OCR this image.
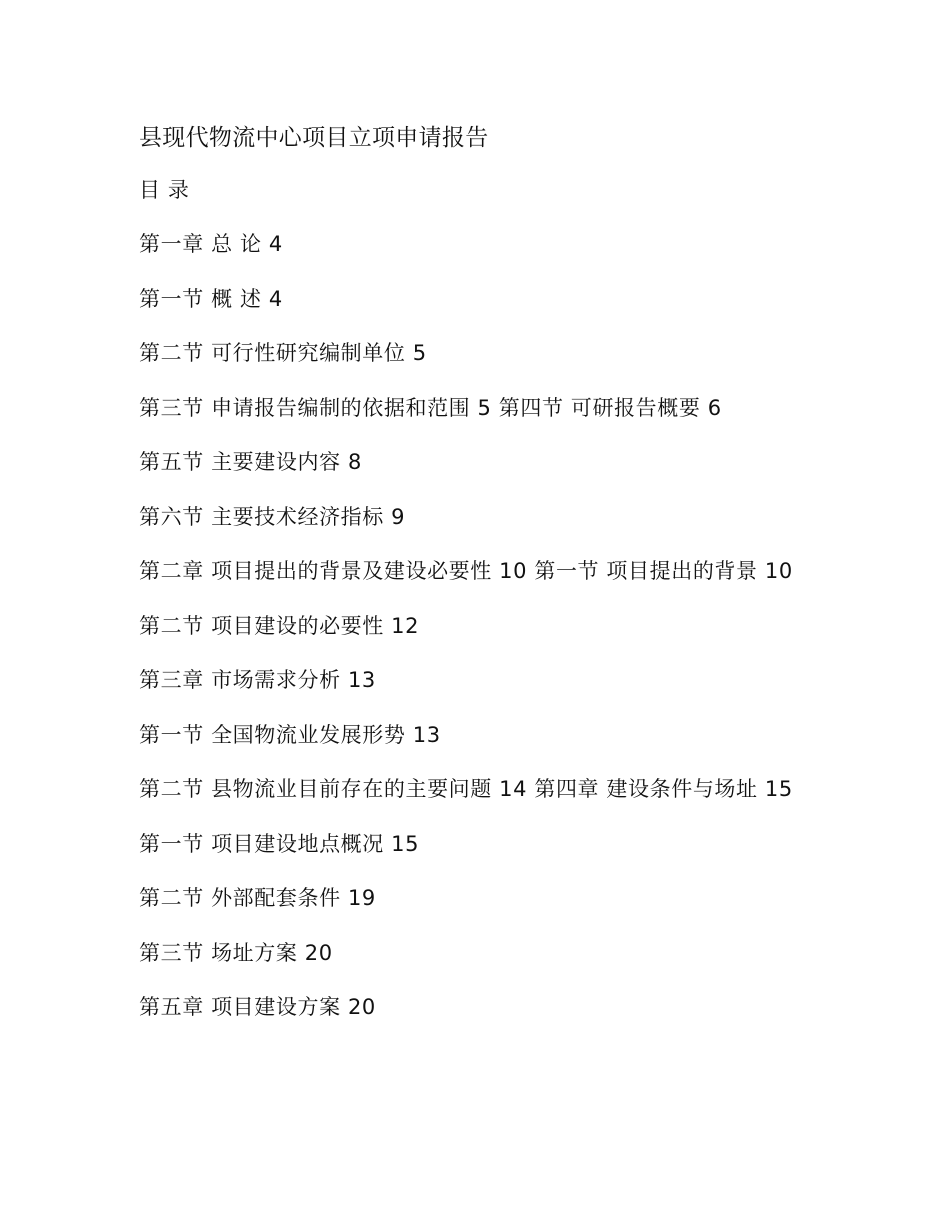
县现代物流中心项目立项申请报告
目 录
第一章 总 论 4
第一节 概 述 4
第二节 可行性研究编制单位 5
第三节 申请报告编制的依据和范围 5 第四节 可研报告概要 6
第五节 主要建设内容 8
第六节 主要技术经济指标 9
第二章 项目提出的背景及建设必要性 10 第一节 项目提出的背景 10
第二节 项目建设的必要性 12
第三章 市场需求分析 13
第一节 全国物流业发展形势 13
第二节 县物流业目前存在的主要问题 14 第四章 建设条件与场址 15
第一节 项目建设地点概况 15
第二节 外部配套条件 19
第三节 场址方案 20
第五章 项目建设方案 20
